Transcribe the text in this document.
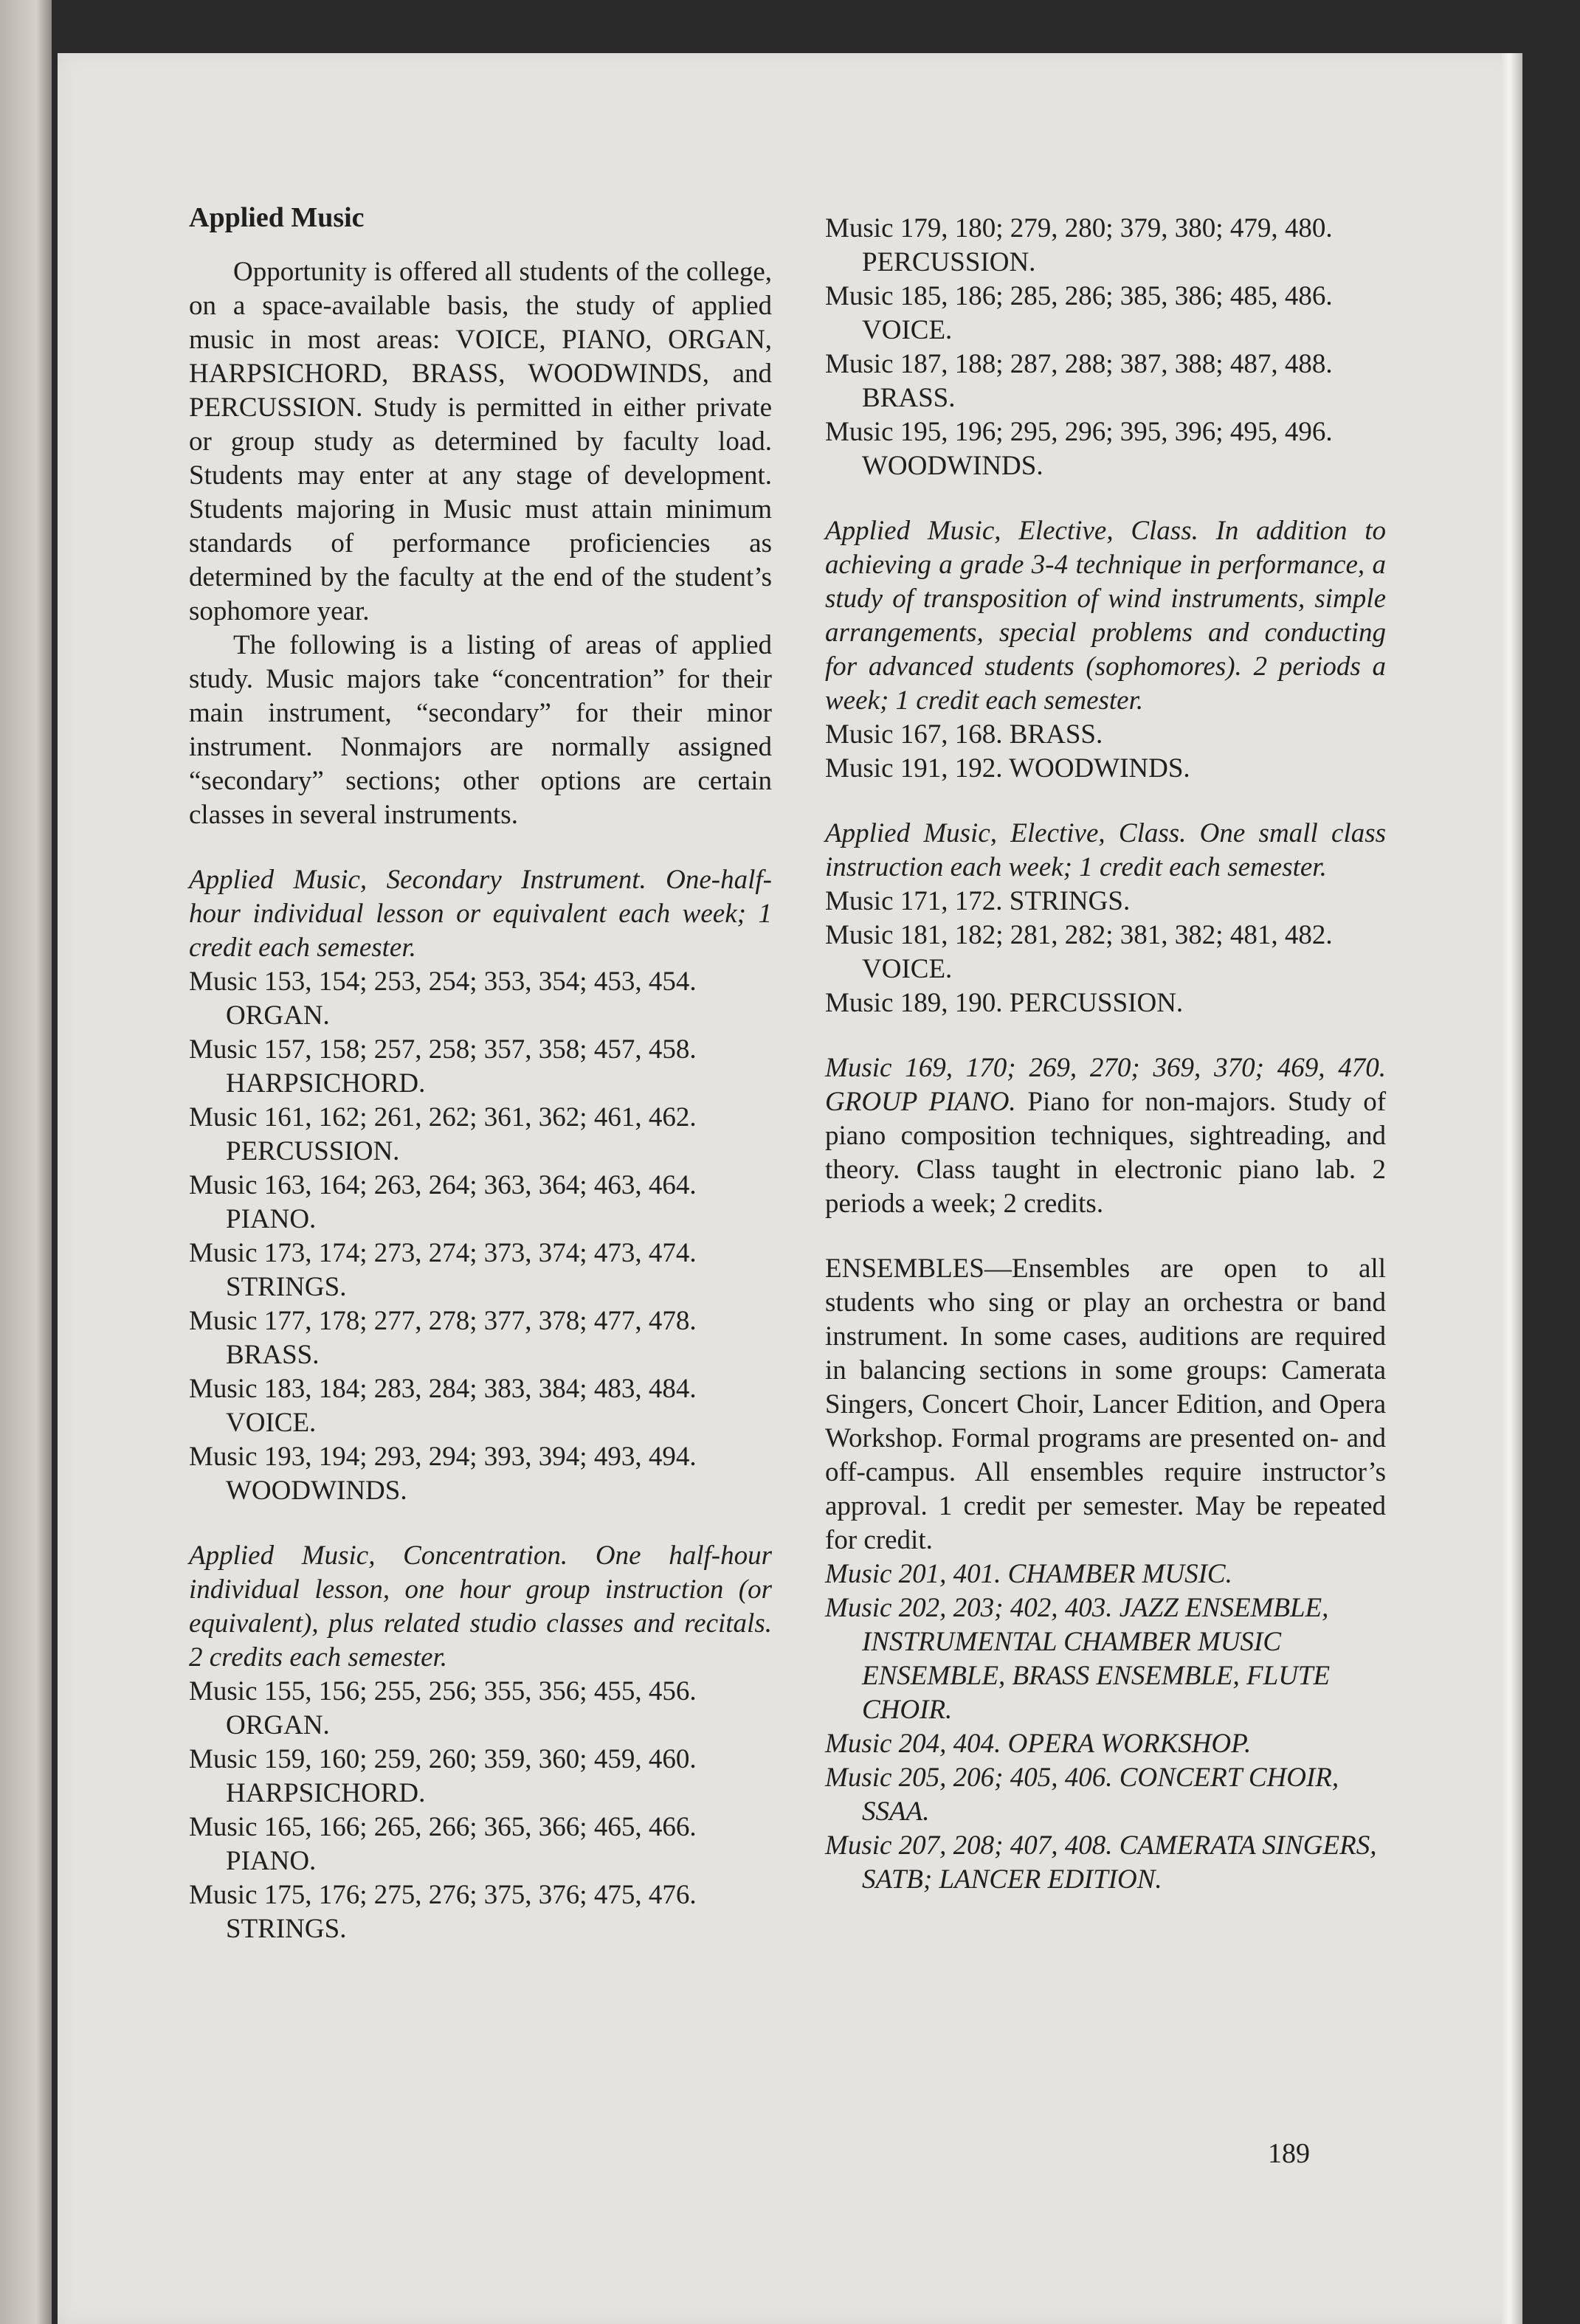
Applied Music

Opportunity is offered all students of the college, on a space-available basis, the study of applied music in most areas: VOICE, PIANO, ORGAN, HARPSICHORD, BRASS, WOODWINDS, and PERCUSSION. Study is permitted in either private or group study as determined by faculty load. Students may enter at any stage of development. Students majoring in Music must attain minimum standards of performance proficiencies as determined by the faculty at the end of the student’s sophomore year.

The following is a listing of areas of applied study. Music majors take “concentration” for their main instrument, “secondary” for their minor instrument. Nonmajors are normally assigned “secondary” sections; other options are certain classes in several instruments.

Applied Music, Secondary Instrument. One-half-hour individual lesson or equivalent each week; 1 credit each semester.

Music 153, 154; 253, 254; 353, 354; 453, 454. ORGAN.

Music 157, 158; 257, 258; 357, 358; 457, 458. HARPSICHORD.

Music 161, 162; 261, 262; 361, 362; 461, 462. PERCUSSION.

Music 163, 164; 263, 264; 363, 364; 463, 464. PIANO.

Music 173, 174; 273, 274; 373, 374; 473, 474. STRINGS.

Music 177, 178; 277, 278; 377, 378; 477, 478. BRASS.

Music 183, 184; 283, 284; 383, 384; 483, 484. VOICE.

Music 193, 194; 293, 294; 393, 394; 493, 494. WOODWINDS.

Applied Music, Concentration. One half-hour individual lesson, one hour group instruction (or equivalent), plus related studio classes and recitals. 2 credits each semester.

Music 155, 156; 255, 256; 355, 356; 455, 456. ORGAN.

Music 159, 160; 259, 260; 359, 360; 459, 460. HARPSICHORD.

Music 165, 166; 265, 266; 365, 366; 465, 466. PIANO.

Music 175, 176; 275, 276; 375, 376; 475, 476. STRINGS.

Music 179, 180; 279, 280; 379, 380; 479, 480. PERCUSSION.

Music 185, 186; 285, 286; 385, 386; 485, 486. VOICE.

Music 187, 188; 287, 288; 387, 388; 487, 488. BRASS.

Music 195, 196; 295, 296; 395, 396; 495, 496. WOODWINDS.

Applied Music, Elective, Class. In addition to achieving a grade 3-4 technique in performance, a study of transposition of wind instruments, simple arrangements, special problems and conducting for advanced students (sophomores). 2 periods a week; 1 credit each semester.

Music 167, 168. BRASS.

Music 191, 192. WOODWINDS.

Applied Music, Elective, Class. One small class instruction each week; 1 credit each semester.

Music 171, 172. STRINGS.

Music 181, 182; 281, 282; 381, 382; 481, 482. VOICE.

Music 189, 190. PERCUSSION.

Music 169, 170; 269, 270; 369, 370; 469, 470. GROUP PIANO. Piano for non-majors. Study of piano composition techniques, sightreading, and theory. Class taught in electronic piano lab. 2 periods a week; 2 credits.

ENSEMBLES—Ensembles are open to all students who sing or play an orchestra or band instrument. In some cases, auditions are required in balancing sections in some groups: Camerata Singers, Concert Choir, Lancer Edition, and Opera Workshop. Formal programs are presented on- and off-campus. All ensembles require instructor’s approval. 1 credit per semester. May be repeated for credit.

Music 201, 401. CHAMBER MUSIC.

Music 202, 203; 402, 403. JAZZ ENSEMBLE, INSTRUMENTAL CHAMBER MUSIC ENSEMBLE, BRASS ENSEMBLE, FLUTE CHOIR.

Music 204, 404. OPERA WORKSHOP.

Music 205, 206; 405, 406. CONCERT CHOIR, SSAA.

Music 207, 208; 407, 408. CAMERATA SINGERS, SATB; LANCER EDITION.

189
